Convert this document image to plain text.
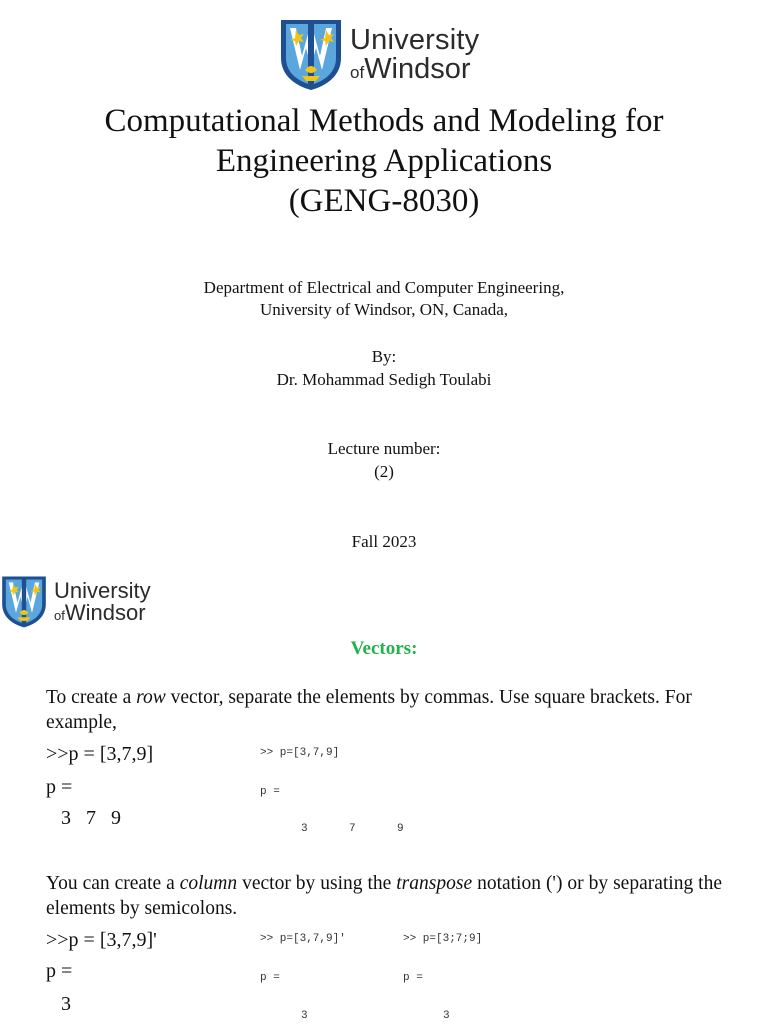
University
ofWindsor
Computational Methods and Modeling for
Engineering Applications
(GENG-8030)
Department of Electrical and Computer Engineering,
University of Windsor, ON, Canada,
By:
Dr. Mohammad Sedigh Toulabi
Lecture number:
(2)
Fall 2023
University
ofWindsor
Vectors:
To create a row vector, separate the elements by commas. Use square brackets. For example,
>>p = [3,7,9]
p =
3   7   9
>> p=[3,7,9]
p =
3	7	9
You can create a column vector by using the transpose notation (') or by separating the elements by semicolons.
>>p = [3,7,9]'
p =
3
>> p=[3,7,9]'	>> p=[3;7;9]
p =	p =
3	3
